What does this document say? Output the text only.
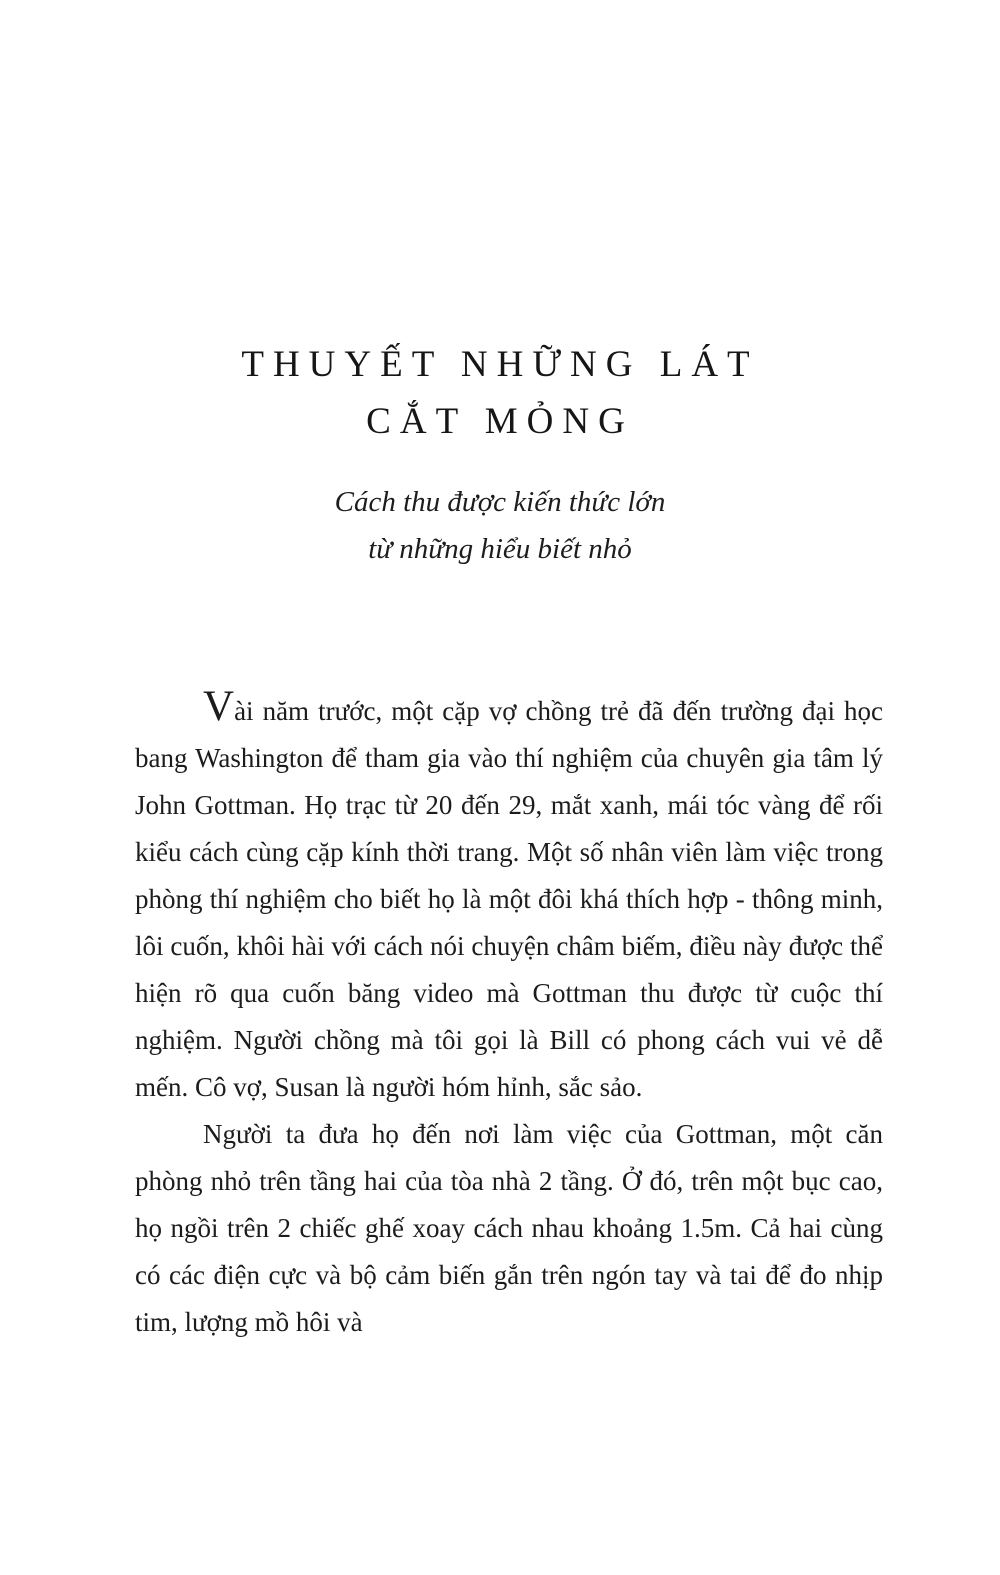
THUYẾT NHỮNG LÁT
CẮT MỎNG
Cách thu được kiến thức lớn
từ những hiểu biết nhỏ

Vài năm trước, một cặp vợ chồng trẻ đã đến trường đại học bang Washington để tham gia vào thí nghiệm của chuyên gia tâm lý John Gottman. Họ trạc từ 20 đến 29, mắt xanh, mái tóc vàng để rối kiểu cách cùng cặp kính thời trang. Một số nhân viên làm việc trong phòng thí nghiệm cho biết họ là một đôi khá thích hợp - thông minh, lôi cuốn, khôi hài với cách nói chuyện châm biếm, điều này được thể hiện rõ qua cuốn băng video mà Gottman thu được từ cuộc thí nghiệm. Người chồng mà tôi gọi là Bill có phong cách vui vẻ dễ mến. Cô vợ, Susan là người hóm hỉnh, sắc sảo.

Người ta đưa họ đến nơi làm việc của Gottman, một căn phòng nhỏ trên tầng hai của tòa nhà 2 tầng. Ở đó, trên một bục cao, họ ngồi trên 2 chiếc ghế xoay cách nhau khoảng 1.5m. Cả hai cùng có các điện cực và bộ cảm biến gắn trên ngón tay và tai để đo nhịp tim, lượng mồ hôi và
